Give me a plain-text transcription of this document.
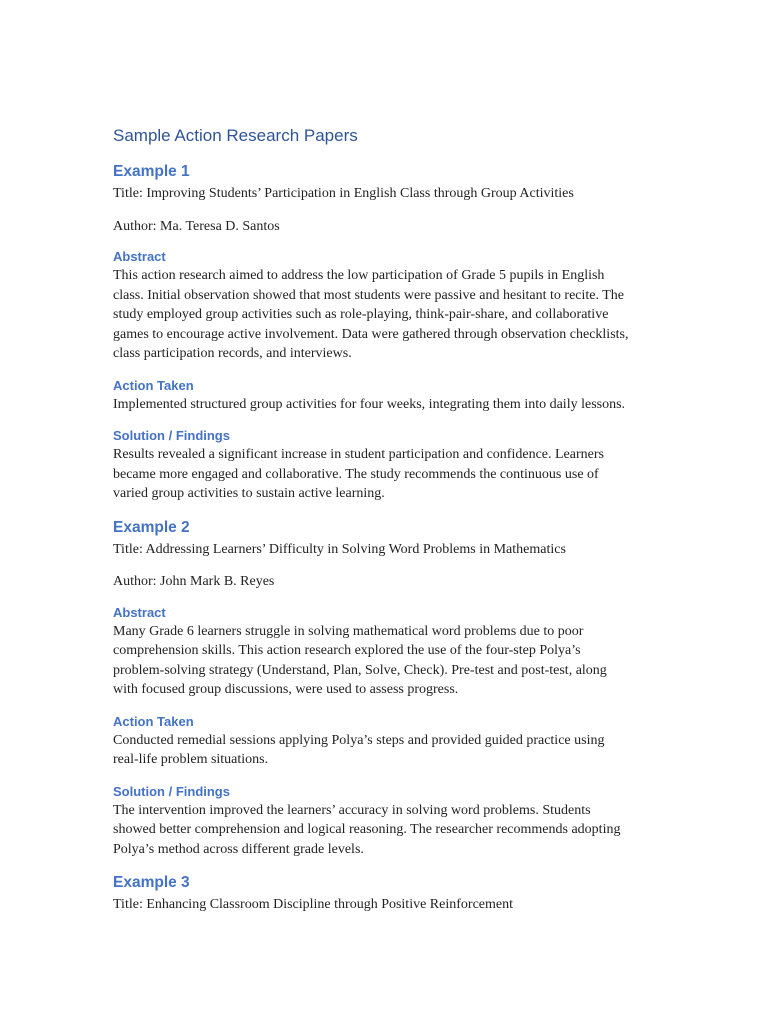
Sample Action Research Papers
Example 1

Title: Improving Students’ Participation in English Class through Group Activities

Author: Ma. Teresa D. Santos

Abstract

This action research aimed to address the low participation of Grade 5 pupils in English
class. Initial observation showed that most students were passive and hesitant to recite. The
study employed group activities such as role-playing, think-pair-share, and collaborative
games to encourage active involvement. Data were gathered through observation checklists,
class participation records, and interviews.

Action Taken

Implemented structured group activities for four weeks, integrating them into daily lessons.

Solution / Findings

Results revealed a significant increase in student participation and confidence. Learners
became more engaged and collaborative. The study recommends the continuous use of
varied group activities to sustain active learning.

Example 2

Title: Addressing Learners’ Difficulty in Solving Word Problems in Mathematics

Author: John Mark B. Reyes

Abstract

Many Grade 6 learners struggle in solving mathematical word problems due to poor
comprehension skills. This action research explored the use of the four-step Polya’s
problem-solving strategy (Understand, Plan, Solve, Check). Pre-test and post-test, along
with focused group discussions, were used to assess progress.

Action Taken

Conducted remedial sessions applying Polya’s steps and provided guided practice using
real-life problem situations.

Solution / Findings

The intervention improved the learners’ accuracy in solving word problems. Students
showed better comprehension and logical reasoning. The researcher recommends adopting
Polya’s method across different grade levels.

Example 3

Title: Enhancing Classroom Discipline through Positive Reinforcement
